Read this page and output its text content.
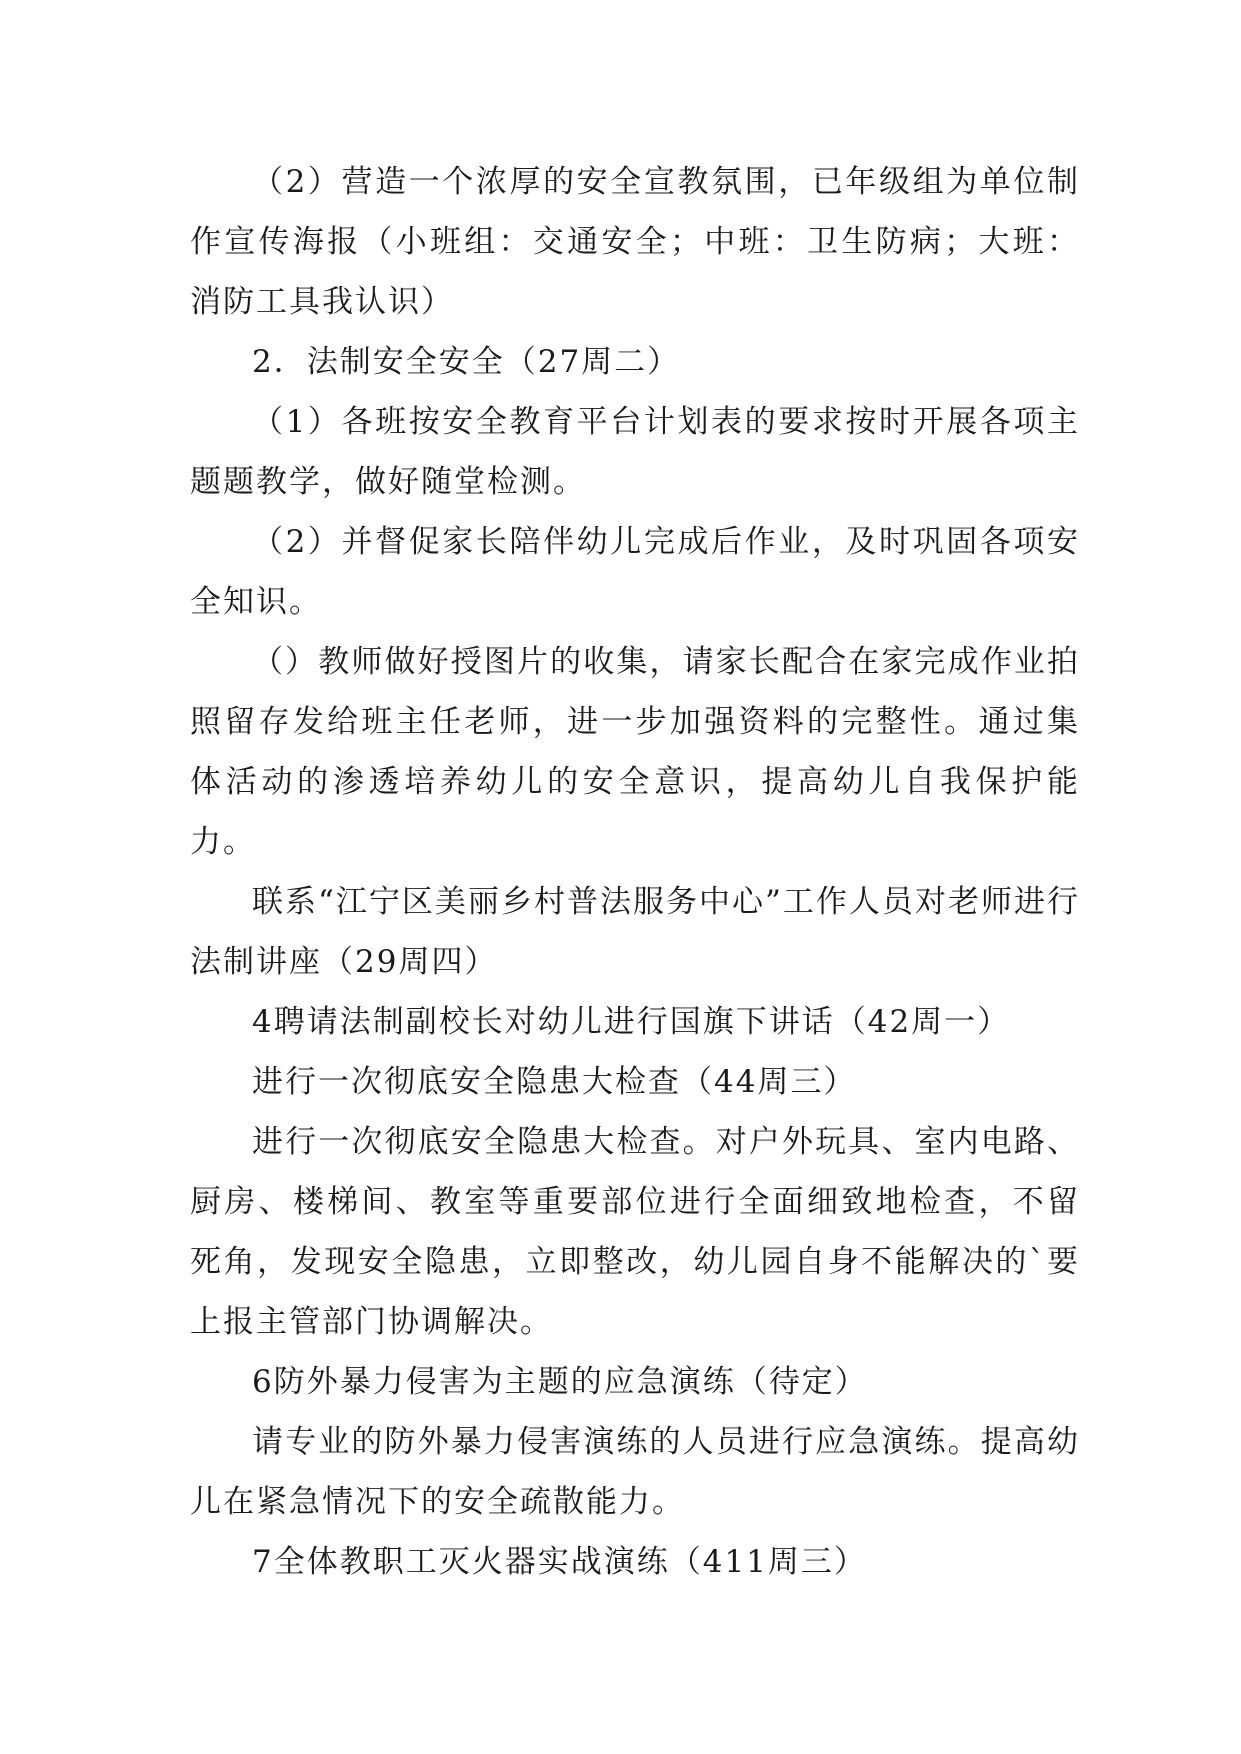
（2）营造一个浓厚的安全宣教氛围，已年级组为单位制作宣传海报（小班组：交通安全；中班：卫生防病；大班：消防工具我认识）

2．法制安全安全（27周二）

（1）各班按安全教育平台计划表的要求按时开展各项主题题教学，做好随堂检测。

（2）并督促家长陪伴幼儿完成后作业，及时巩固各项安全知识。

（）教师做好授图片的收集，请家长配合在家完成作业拍照留存发给班主任老师，进一步加强资料的完整性。通过集体活动的渗透培养幼儿的安全意识，提高幼儿自我保护能力。

联系“江宁区美丽乡村普法服务中心”工作人员对老师进行法制讲座（29周四）

4聘请法制副校长对幼儿进行国旗下讲话（42周一）

进行一次彻底安全隐患大检查（44周三）

进行一次彻底安全隐患大检查。对户外玩具、室内电路、厨房、楼梯间、教室等重要部位进行全面细致地检查，不留死角，发现安全隐患，立即整改，幼儿园自身不能解决的`要上报主管部门协调解决。

6防外暴力侵害为主题的应急演练（待定）

请专业的防外暴力侵害演练的人员进行应急演练。提高幼儿在紧急情况下的安全疏散能力。

7全体教职工灭火器实战演练（411周三）
